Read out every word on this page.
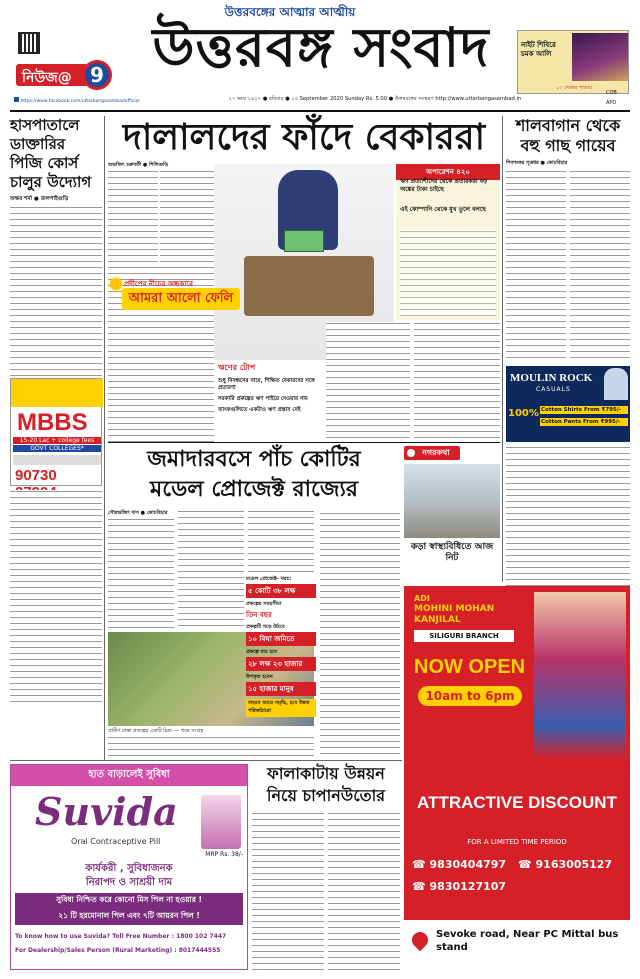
নিউজ@ 9
https://www.facebook.com/uttarbangasambadofficial
উত্তরবঙ্গের আত্মার আত্মীয়
উত্তরবঙ্গ সংবাদ	নাইট শিবিরে চমক আলি
১৩ খেলার পাতায়
COB
APD
২৭ ভাদ্র ১৪২৭ ● রবিবার ● ১৩ September 2020 Sunday Rs. 5.00 ● উত্তরবঙ্গের সংস্করণ http://www.uttarbangasambad.in
হাসপাতালে ডাক্তারির পিজি কোর্স চালুর উদ্যোগ
অক্ষর শর্মা ● জলপাইগুড়ি
MBBS
15-20 Lac + college fees
GOVT COLLEGES*
90730
দালালদের ফাঁদে বেকাররা
শুভজিৎ চক্রবর্তী ● শিলিগুড়ি
অপারেশন ৪২০
ঋণ প্রত্যাশীদের থেকে প্রতারকরা বড় অঙ্কের টাকা চাইছে
এই কোম্পানি থেকে মুখ তুলে বলছে
প্রদীপের নীচের অন্ধকারে
আমরা আলো ফেলি
ঋণের টোপ
শুধু নিবন্ধনের নামে, শিক্ষিত বেকারদের সঙ্গে প্রতারণা
সরকারি প্রকল্পের ঋণ পাইয়ে দেওয়ার নাম
ব্যাংকগুলিতে একটাও ঋণ প্রস্তাব নেই
শালবাগান থেকে বহু গাছ গায়েব
শিবশংকর সূত্রধর ● কোচবিহার
MOULIN ROCK
CASUALS
100% Cotton Shirts From ₹795/-
Cotton Pants From ₹995/-
জমাদারবসে পাঁচ কোটির
মডেল প্রোজেক্ট রাজ্যের
সৌরভজিৎ দাস ● কোচবিহার
গ্রামীণ রাস্তা প্রকল্পের একটি চিত্র। — খবর সংগ্রহ
মডেল প্রোজেক্ট- খরচ:
৫ কোটি ৩৮ লক্ষ
প্রকল্পের সময়সীমা
তিন বছর
প্রকল্পটি গড়ে উঠবে
১০ বিঘা জমিতে
প্রকল্পে ব্যয় হবে
২৮ লক্ষ ২৩ হাজার
উপকৃত হবেন
১৫ হাজার মানুষ
বাড়বে আয়ে সমৃদ্ধি, হবে উন্নত পরিকাঠামো
$^{নগরকথা}$
কড়া স্বাস্থ্যবিধিতে আজ নিট
ADI
MOHINI MOHAN KANJILAL
SILIGURI BRANCH
NOW OPEN
10am to 6pm
ATTRACTIVE DISCOUNT
FOR A LIMITED TIME PERIOD
☎ 9830404797	☎ 9163005127
☎ 9830127107
Sevoke road, Near PC Mittal bus stand
হাত বাড়ালেই সুবিধা
Suvida
Oral Contraceptive Pill
MRP Rs. 38/-
কার্যকরী , সুবিধাজনক
নিরাপদ ও সাশ্রয়ী দাম
সুবিধা নিশ্চিত করে কোনো মিস পিল না হওয়ার !
২১ টি হরমোনাল পিল এবং ৭টি আয়রন পিল !
To know how to use Suvida? Toll Free Number : 1800 102 7447
For Dealership/Sales Person (Rural Marketing) : 8017444555
ফালাকাটায় উন্নয়ন
নিয়ে চাপানউতোর
